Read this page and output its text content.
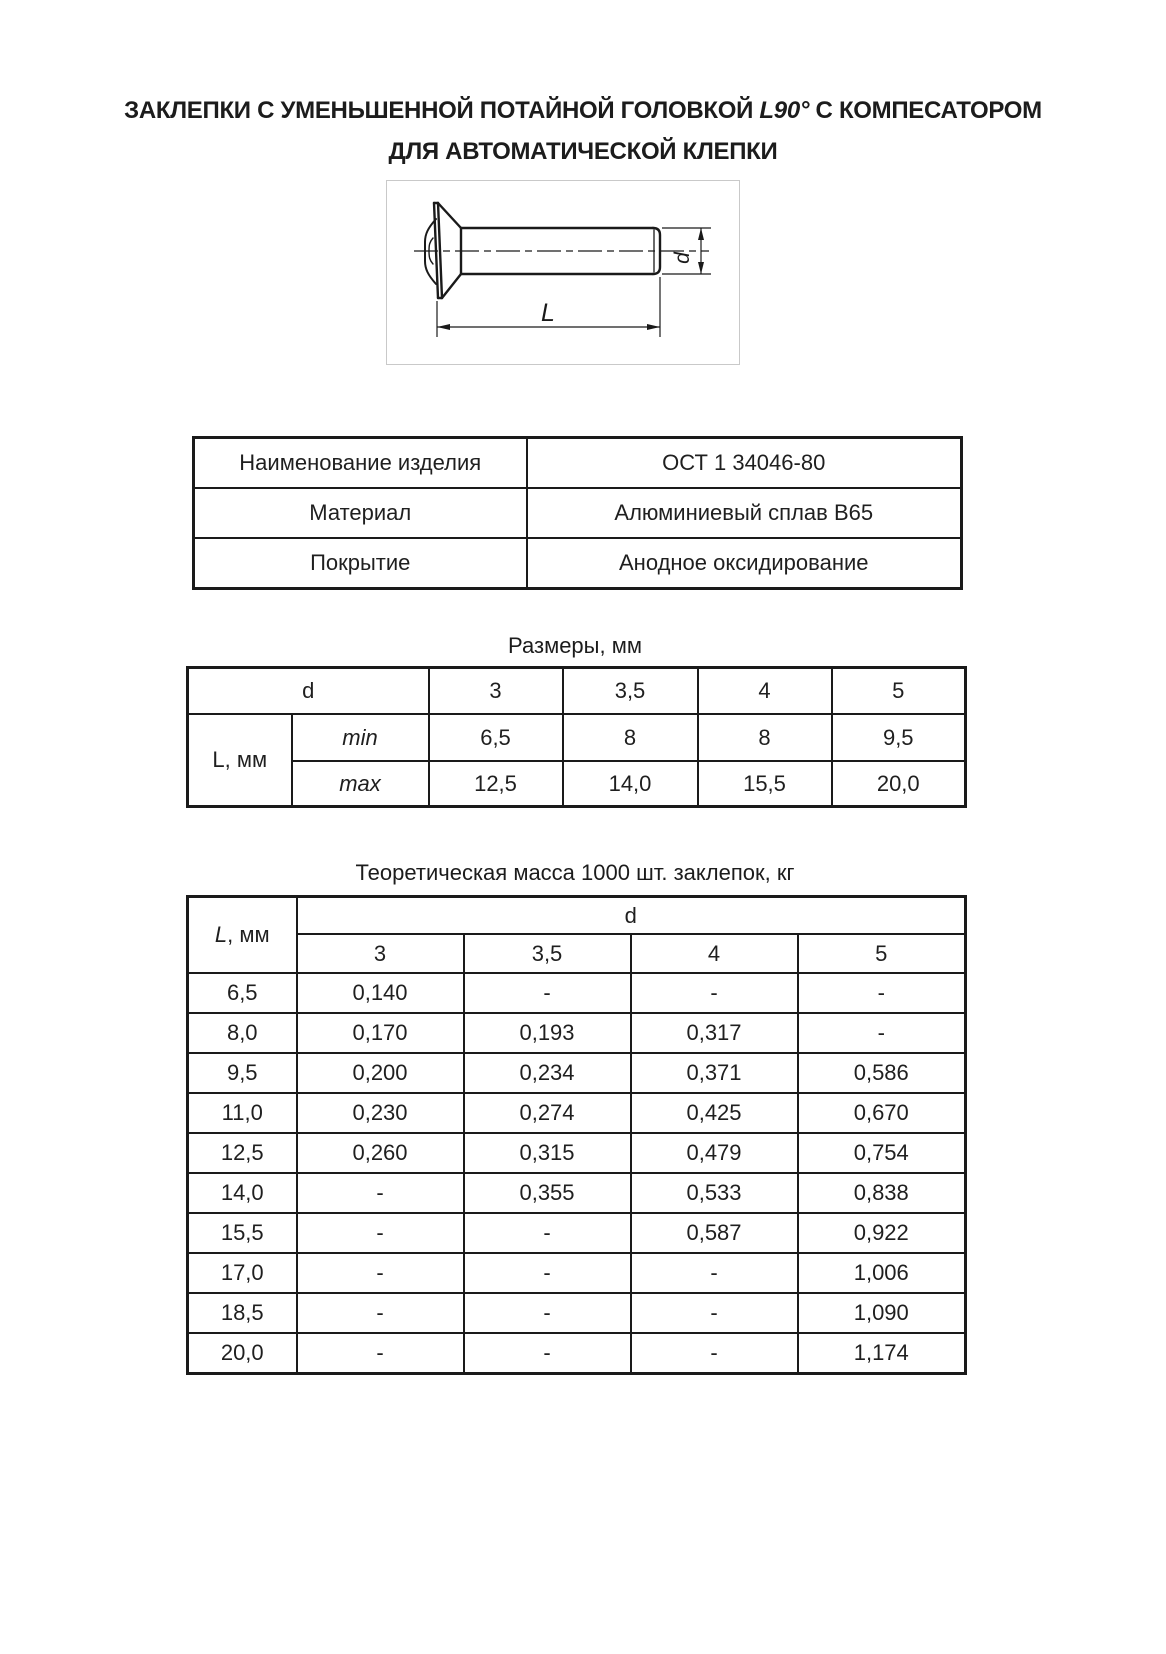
ЗАКЛЕПКИ С УМЕНЬШЕННОЙ ПОТАЙНОЙ ГОЛОВКОЙ L90° С КОМПЕСАТОРОМ
ДЛЯ АВТОМАТИЧЕСКОЙ КЛЕПКИ
d
L
Наименование изделия	ОСТ 1 34046-80
Материал	Алюминиевый сплав В65
Покрытие	Анодное оксидирование
Размеры, мм
d		3	3,5	4	5
L, мм	min	6,5	8	8	9,5
	max	12,5	14,0	15,5	20,0
Теоретическая масса 1000 шт. заклепок, кг
L, мм	d			
	3	3,5	4	5
6,5	0,140	-	-	-
8,0	0,170	0,193	0,317	-
9,5	0,200	0,234	0,371	0,586
11,0	0,230	0,274	0,425	0,670
12,5	0,260	0,315	0,479	0,754
14,0	-	0,355	0,533	0,838
15,5	-	-	0,587	0,922
17,0	-	-	-	1,006
18,5	-	-	-	1,090
20,0	-	-	-	1,174
